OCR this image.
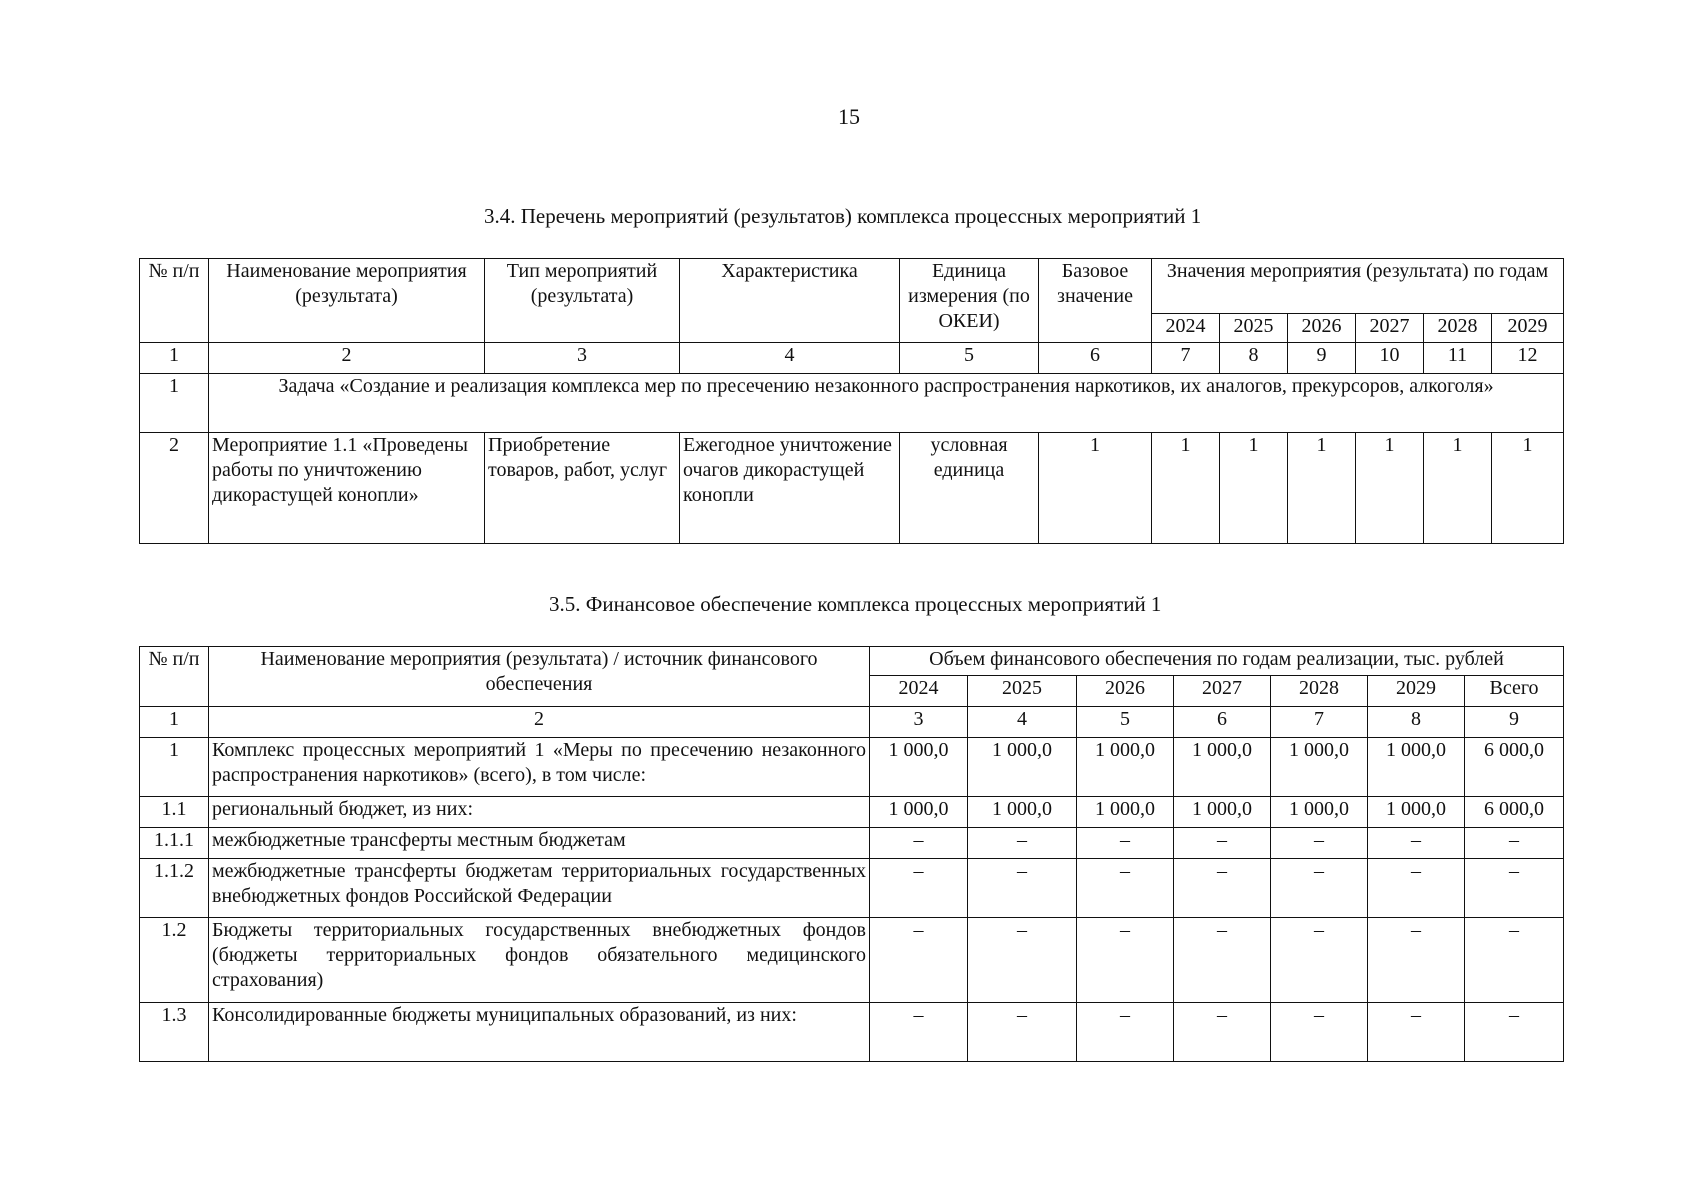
15
3.4. Перечень мероприятий (результатов) комплекса процессных мероприятий 1
№ п/п	Наименование мероприятия (результата)	Тип мероприятий (результата)	Характеристика	Единица измерения (по ОКЕИ)	Базовое значение	Значения мероприятия (результата) по годам					
						2024	2025	2026	2027	2028	2029
1	2	3	4	5	6	7	8	9	10	11	12
1	Задача «Создание и реализация комплекса мер по пресечению незаконного распространения наркотиков, их аналогов, прекурсоров, алкоголя»										
2	Мероприятие 1.1 «Проведeны работы по уничтожению дикорастущей конопли»	Приобретение товаров, работ, услуг	Ежегодное уничтожение очагов дикорастущей конопли	условная единица	1	1	1	1	1	1	1
3.5. Финансовое обеспечение комплекса процессных мероприятий 1
№ п/п	Наименование мероприятия (результата) / источник финансового обеспечения	Объем финансового обеспечения по годам реализации, тыс. рублей						
		2024	2025	2026	2027	2028	2029	Всего
1	2	3	4	5	6	7	8	9
1	Комплекс процессных мероприятий 1 «Меры по пресечению незаконного распространения наркотиков» (всего), в том числе:	1 000,0	1 000,0	1 000,0	1 000,0	1 000,0	1 000,0	6 000,0
1.1	региональный бюджет, из них:	1 000,0	1 000,0	1 000,0	1 000,0	1 000,0	1 000,0	6 000,0
1.1.1	межбюджетные трансферты местным бюджетам	–	–	–	–	–	–	–
1.1.2	межбюджетные трансферты бюджетам территориальных государственных внебюджетных фондов Российской Федерации	–	–	–	–	–	–	–
1.2	Бюджеты территориальных государственных внебюджетных фондов (бюджеты территориальных фондов обязательного медицинского страхования)	–	–	–	–	–	–	–
1.3	Консолидированные бюджеты муниципальных образований, из них:	–	–	–	–	–	–	–
